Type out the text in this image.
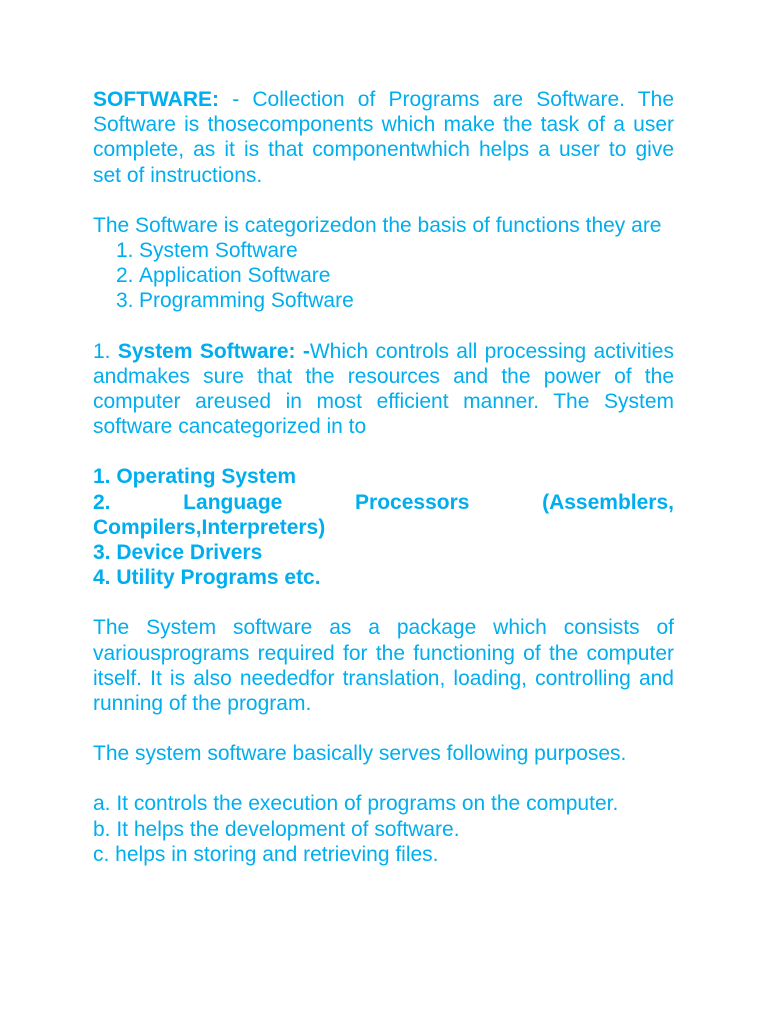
SOFTWARE: - Collection of Programs are Software. The Software is thosecomponents which make the task of a user complete, as it is that componentwhich helps a user to give set of instructions.

The Software is categorizedon the basis of functions they are

1. System Software
2. Application Software
3. Programming Software

1. System Software: -Which controls all processing activities andmakes sure that the resources and the power of the computer areused in most efficient manner. The System software cancategorized in to

1. Operating System
2. Language Processors (Assemblers,
Compilers,Interpreters)
3. Device Drivers
4. Utility Programs etc.

The System software as a package which consists of variousprograms required for the functioning of the computer itself. It is also neededfor translation, loading, controlling and running of the program.

The system software basically serves following purposes.

a. It controls the execution of programs on the computer.
b. It helps the development of software.
c. helps in storing and retrieving files.
